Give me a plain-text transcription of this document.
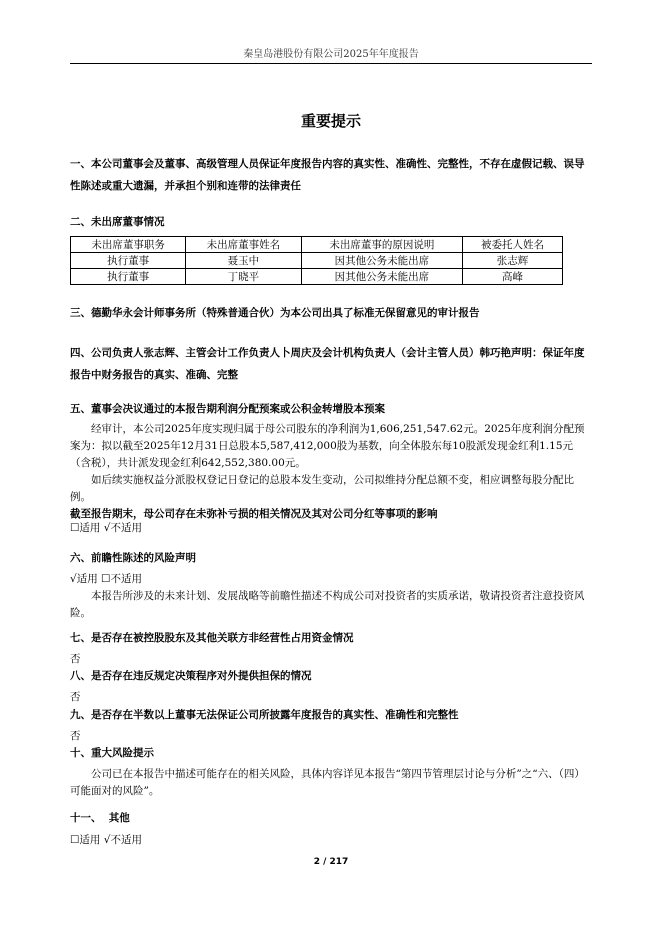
秦皇岛港股份有限公司2025年年度报告
重要提示
一、本公司董事会及董事、高级管理人员保证年度报告内容的真实性、准确性、完整性，不存在虚假记载、误导性陈述或重大遗漏，并承担个别和连带的法律责任
二、未出席董事情况
未出席董事职务	未出席董事姓名	未出席董事的原因说明	被委托人姓名
执行董事	聂玉中	因其他公务未能出席	张志辉
执行董事	丁晓平	因其他公务未能出席	高峰
三、德勤华永会计师事务所（特殊普通合伙）为本公司出具了标准无保留意见的审计报告
四、公司负责人张志辉、主管会计工作负责人卜周庆及会计机构负责人（会计主管人员）韩巧艳声明：保证年度报告中财务报告的真实、准确、完整
五、董事会决议通过的本报告期利润分配预案或公积金转增股本预案
经审计，本公司2025年度实现归属于母公司股东的净利润为1,606,251,547.62元。2025年度利润分配预案为：拟以截至2025年12月31日总股本5,587,412,000股为基数，向全体股东每10股派发现金红利1.15元（含税），共计派发现金红利642,552,380.00元。
如后续实施权益分派股权登记日登记的总股本发生变动，公司拟维持分配总额不变，相应调整每股分配比例。
截至报告期末，母公司存在未弥补亏损的相关情况及其对公司分红等事项的影响
☐适用 √不适用
六、前瞻性陈述的风险声明
√适用 ☐不适用
本报告所涉及的未来计划、发展战略等前瞻性描述不构成公司对投资者的实质承诺，敬请投资者注意投资风险。
七、是否存在被控股股东及其他关联方非经营性占用资金情况
否
八、是否存在违反规定决策程序对外提供担保的情况
否
九、是否存在半数以上董事无法保证公司所披露年度报告的真实性、准确性和完整性
否
十、重大风险提示
公司已在本报告中描述可能存在的相关风险，具体内容详见本报告“第四节管理层讨论与分析”之“六、（四）可能面对的风险”。
十一、  其他
☐适用 √不适用
2 / 217
